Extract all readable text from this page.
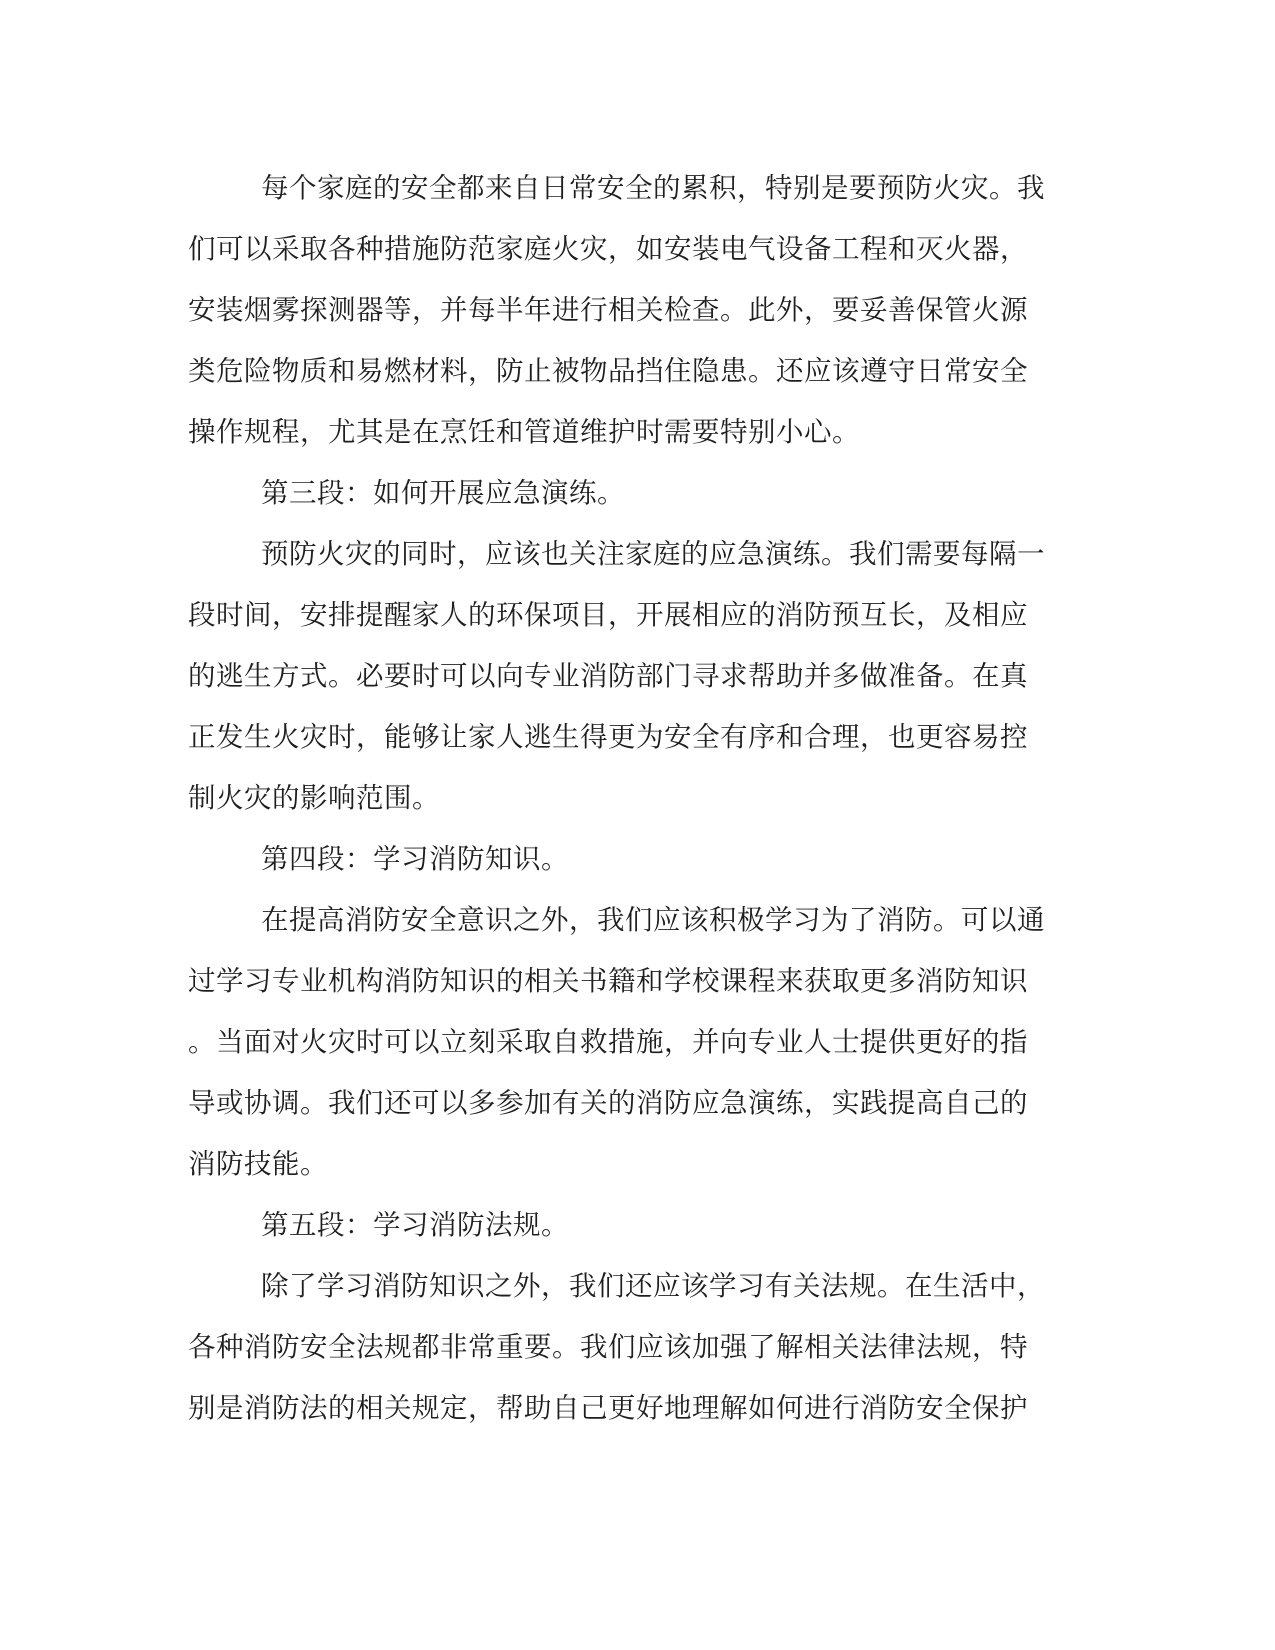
每个家庭的安全都来自日常安全的累积，特别是要预防火灾。我
们可以采取各种措施防范家庭火灾，如安装电气设备工程和灭火器，
安装烟雾探测器等，并每半年进行相关检查。此外，要妥善保管火源
类危险物质和易燃材料，防止被物品挡住隐患。还应该遵守日常安全
操作规程，尤其是在烹饪和管道维护时需要特别小心。
第三段：如何开展应急演练。
预防火灾的同时，应该也关注家庭的应急演练。我们需要每隔一
段时间，安排提醒家人的环保项目，开展相应的消防预互长，及相应
的逃生方式。必要时可以向专业消防部门寻求帮助并多做准备。在真
正发生火灾时，能够让家人逃生得更为安全有序和合理，也更容易控
制火灾的影响范围。
第四段：学习消防知识。
在提高消防安全意识之外，我们应该积极学习为了消防。可以通
过学习专业机构消防知识的相关书籍和学校课程来获取更多消防知识
。当面对火灾时可以立刻采取自救措施，并向专业人士提供更好的指
导或协调。我们还可以多参加有关的消防应急演练，实践提高自己的
消防技能。
第五段：学习消防法规。
除了学习消防知识之外，我们还应该学习有关法规。在生活中，
各种消防安全法规都非常重要。我们应该加强了解相关法律法规，特
别是消防法的相关规定，帮助自己更好地理解如何进行消防安全保护
